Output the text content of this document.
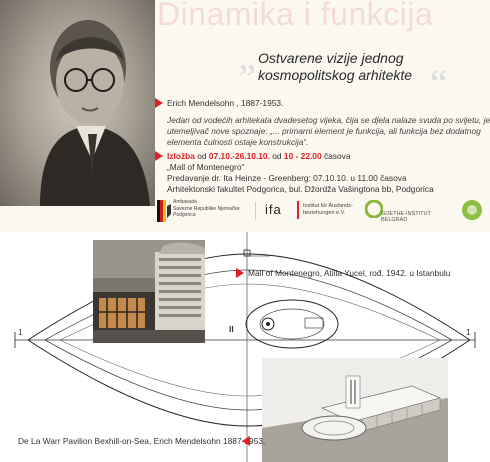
Dinamika i funkcija
„
Ostvarene vizije jednog
kosmopolitskog arhitekte “
Erich Mendelsohn , 1887-1953.
Jedan od vodećih arhitekata dvadesetog vijeka, čija se djela nalaze svuda po svijetu, je
utemeljivač nove spoznaje: „... primarni element je funkcija, ali funkcija bez dodatnog
elementa čulnosti ostaje konstrukcija“.
Izložba od 07.10.-26.10.10. od 10 - 22.00 časova
„Mall of Montenegro“
Predavanje dr. Ita Heinze - Greenberg: 07.10.10. u 11.00 časova
Arhitektonski fakultet Podgorica, bul. Džordža Vašingtona bb, Podgorica
Ambasada
Savezne Republike Njemačke
Podgorica	ifa	Institut für Auslands-
beziehungen e.V.	GOETHE-INSTITUT
BELGRAD
1	1
II
Mall of Montenegro, Atilla Yucel, rođ. 1942. u Istanbulu
De La Warr Pavilion Bexhill-on-Sea, Erich Mendelsohn 1887-1953.
